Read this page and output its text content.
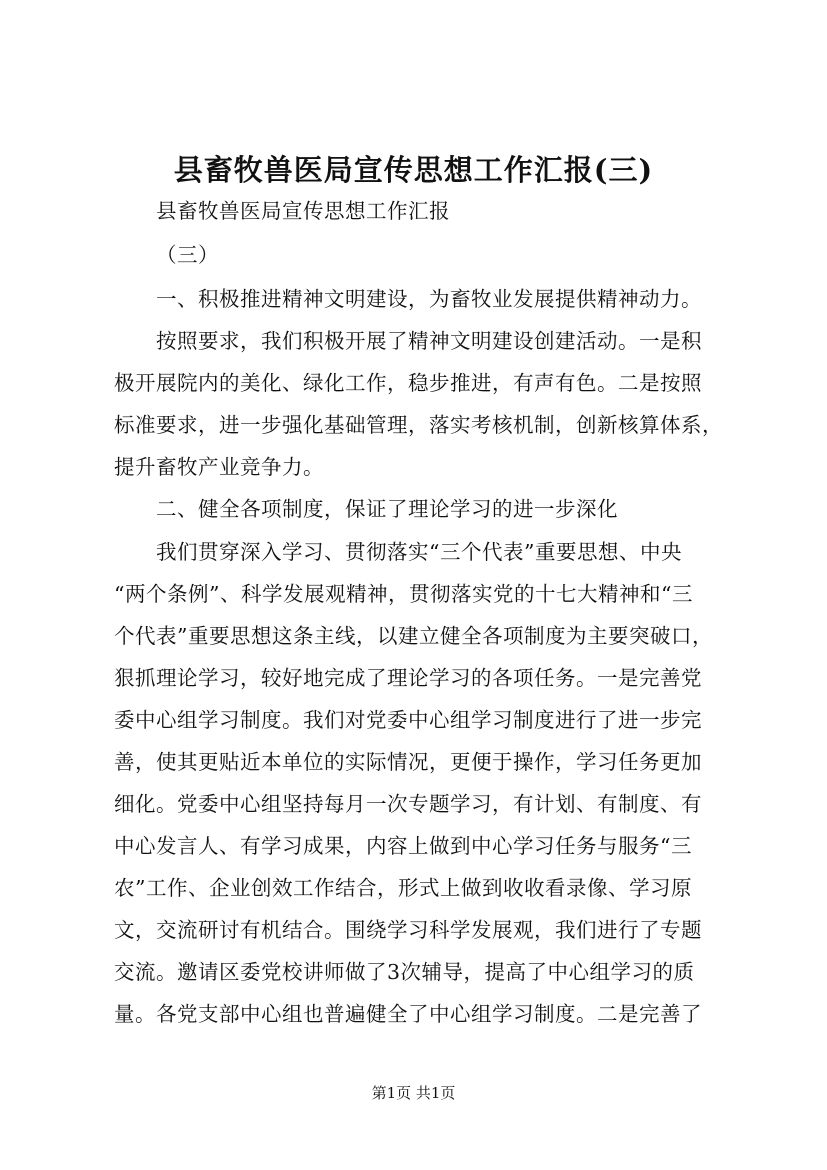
县畜牧兽医局宣传思想工作汇报(三)
县畜牧兽医局宣传思想工作汇报
（三）
一、积极推进精神文明建设，为畜牧业发展提供精神动力。
按照要求，我们积极开展了精神文明建设创建活动。一是积
极开展院内的美化、绿化工作，稳步推进，有声有色。二是按照
标准要求，进一步强化基础管理，落实考核机制，创新核算体系，
提升畜牧产业竞争力。
二、健全各项制度，保证了理论学习的进一步深化
我们贯穿深入学习、贯彻落实“三个代表”重要思想、中央
“两个条例”、科学发展观精神，贯彻落实党的十七大精神和“三
个代表”重要思想这条主线，以建立健全各项制度为主要突破口，
狠抓理论学习，较好地完成了理论学习的各项任务。一是完善党
委中心组学习制度。我们对党委中心组学习制度进行了进一步完
善，使其更贴近本单位的实际情况，更便于操作，学习任务更加
细化。党委中心组坚持每月一次专题学习，有计划、有制度、有
中心发言人、有学习成果，内容上做到中心学习任务与服务“三
农”工作、企业创效工作结合，形式上做到收收看录像、学习原
文，交流研讨有机结合。围绕学习科学发展观，我们进行了专题
交流。邀请区委党校讲师做了3次辅导，提高了中心组学习的质
量。各党支部中心组也普遍健全了中心组学习制度。二是完善了
第1页 共1页
